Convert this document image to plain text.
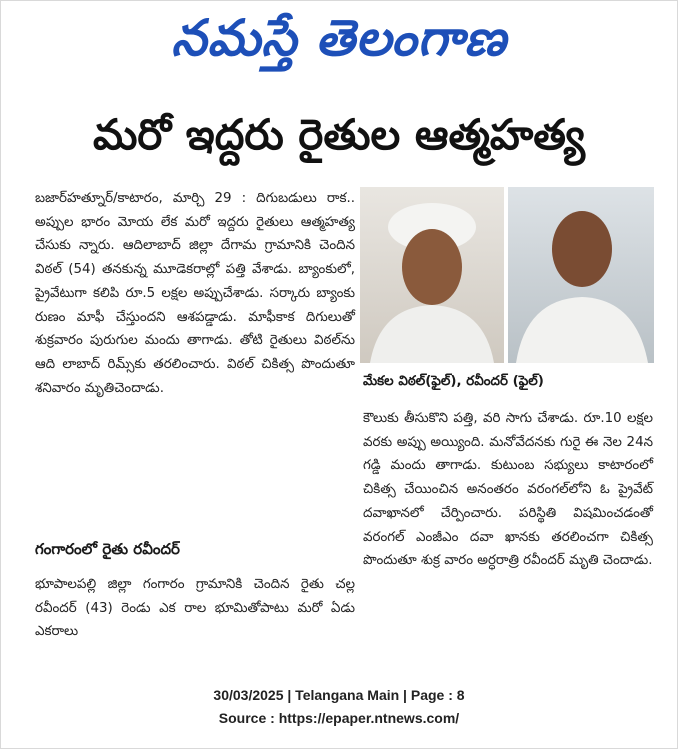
నమస్తే తెలంగాణ
మరో ఇద్దరు రైతుల ఆత్మహత్య

బజార్‌హత్నూర్/కాటారం, మార్చి 29 : దిగుబడులు రాక.. అప్పుల భారం మోయ లేక మరో ఇద్దరు రైతులు ఆత్మహత్య చేసుకు న్నారు. ఆదిలాబాద్ జిల్లా దేగామ గ్రామానికి చెందిన విఠల్ (54) తనకున్న మూడెకరాల్లో పత్తి వేశాడు. బ్యాంకులో, ప్రైవేటుగా కలిపి రూ.5 లక్షల అప్పుచేశాడు. సర్కారు బ్యాంకు రుణం మాఫీ చేస్తుందని ఆశపడ్డాడు. మాఫీకాక దిగులుతో శుక్రవారం పురుగుల మందు తాగాడు. తోటి రైతులు విఠల్‌ను ఆది లాబాద్ రిమ్స్‌కు తరలించారు. విఠల్ చికిత్స పొందుతూ శనివారం మృతిచెందాడు.

గంగారంలో రైతు రవీందర్

భూపాలపల్లి జిల్లా గంగారం గ్రామానికి చెందిన రైతు చల్ల రవీందర్ (43) రెండు ఎక రాల భూమితోపాటు మరో ఏడు ఎకరాలు

మేకల విఠల్(ఫైల్), రవీందర్ (ఫైల్)

కౌలుకు తీసుకొని పత్తి, వరి సాగు చేశాడు. రూ.10 లక్షల వరకు అప్పు అయ్యింది. మనోవేదనకు గురై ఈ నెల 24న గడ్డి మందు తాగాడు. కుటుంబ సభ్యులు కాటారంలో చికిత్స చేయించిన అనంతరం వరంగల్‌లోని ఓ ప్రైవేట్ దవాఖానలో చేర్పించారు. పరిస్థితి విషమించడంతో వరంగల్ ఎంజీఎం దవా ఖానకు తరలించగా చికిత్స పొందుతూ శుక్ర వారం అర్ధరాత్రి రవీందర్ మృతి చెందాడు.

30/03/2025 | Telangana Main | Page : 8
Source : https://epaper.ntnews.com/
